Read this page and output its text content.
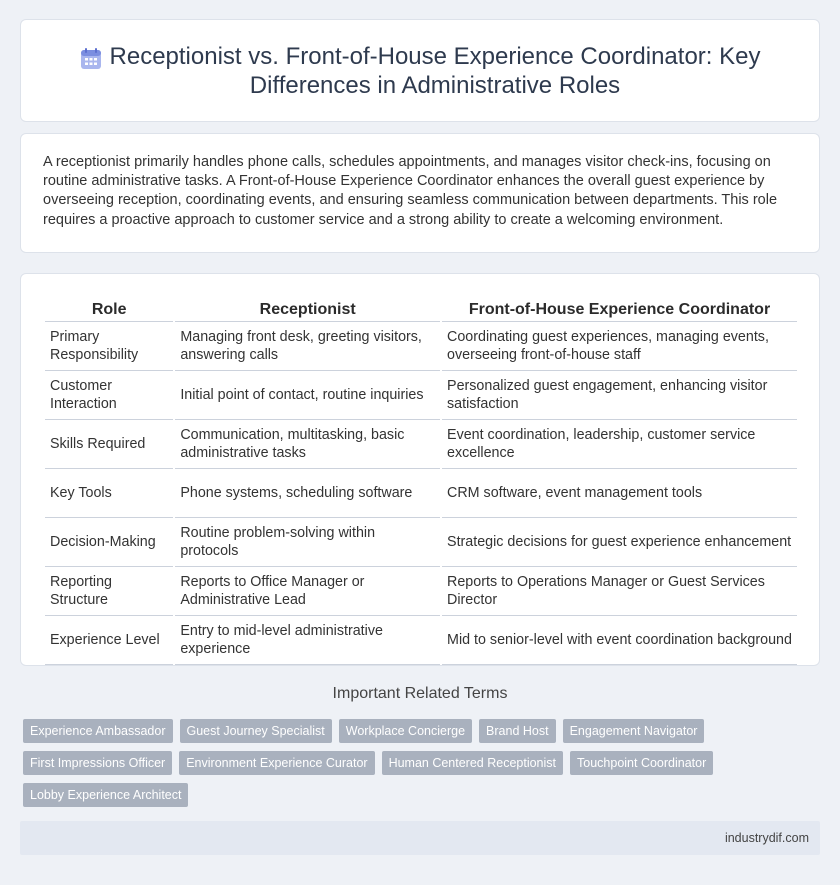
Receptionist vs. Front-of-House Experience Coordinator: Key Differences in Administrative Roles

A receptionist primarily handles phone calls, schedules appointments, and manages visitor check-ins, focusing on routine administrative tasks. A Front-of-House Experience Coordinator enhances the overall guest experience by overseeing reception, coordinating events, and ensuring seamless communication between departments. This role requires a proactive approach to customer service and a strong ability to create a welcoming environment.

Role	Receptionist	Front-of-House Experience Coordinator
Primary Responsibility	Managing front desk, greeting visitors, answering calls	Coordinating guest experiences, managing events, overseeing front-of-house staff
Customer Interaction	Initial point of contact, routine inquiries	Personalized guest engagement, enhancing visitor satisfaction
Skills Required	Communication, multitasking, basic administrative tasks	Event coordination, leadership, customer service excellence
Key Tools	Phone systems, scheduling software	CRM software, event management tools
Decision-Making	Routine problem-solving within protocols	Strategic decisions for guest experience enhancement
Reporting Structure	Reports to Office Manager or Administrative Lead	Reports to Operations Manager or Guest Services Director
Experience Level	Entry to mid-level administrative experience	Mid to senior-level with event coordination background
Important Related Terms
Experience Ambassador	Guest Journey Specialist	Workplace Concierge	Brand Host	Engagement Navigator
First Impressions Officer	Environment Experience Curator	Human Centered Receptionist	Touchpoint Coordinator
Lobby Experience Architect
industrydif.com
